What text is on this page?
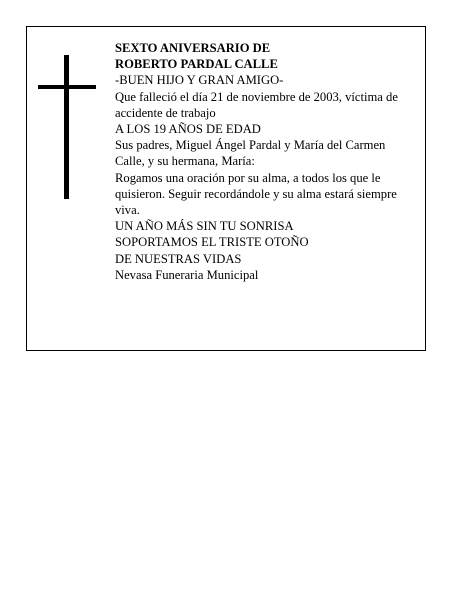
SEXTO ANIVERSARIO DE
ROBERTO PARDAL CALLE
-BUEN HIJO Y GRAN AMIGO-
Que falleció el día 21 de noviembre de 2003, víctima de
accidente de trabajo
A LOS 19 AÑOS DE EDAD
Sus padres, Miguel Ángel Pardal y María del Carmen
Calle, y su hermana, María:
Rogamos una oración por su alma, a todos los que le
quisieron. Seguir recordándole y su alma estará siempre
viva.
UN AÑO MÁS SIN TU SONRISA
SOPORTAMOS EL TRISTE OTOÑO
DE NUESTRAS VIDAS
Nevasa Funeraria Municipal
